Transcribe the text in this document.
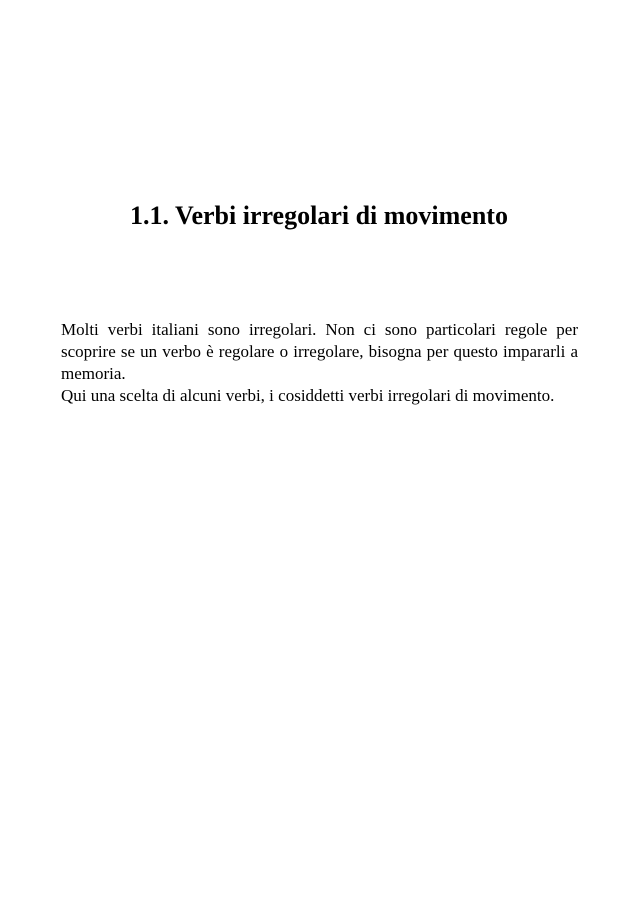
1.1. Verbi irregolari di movimento

Molti verbi italiani sono irregolari. Non ci sono particolari regole per scoprire se un verbo è regolare o irregolare, bisogna per questo impararli a memoria.

Qui una scelta di alcuni verbi, i cosiddetti verbi irregolari di movimento.
